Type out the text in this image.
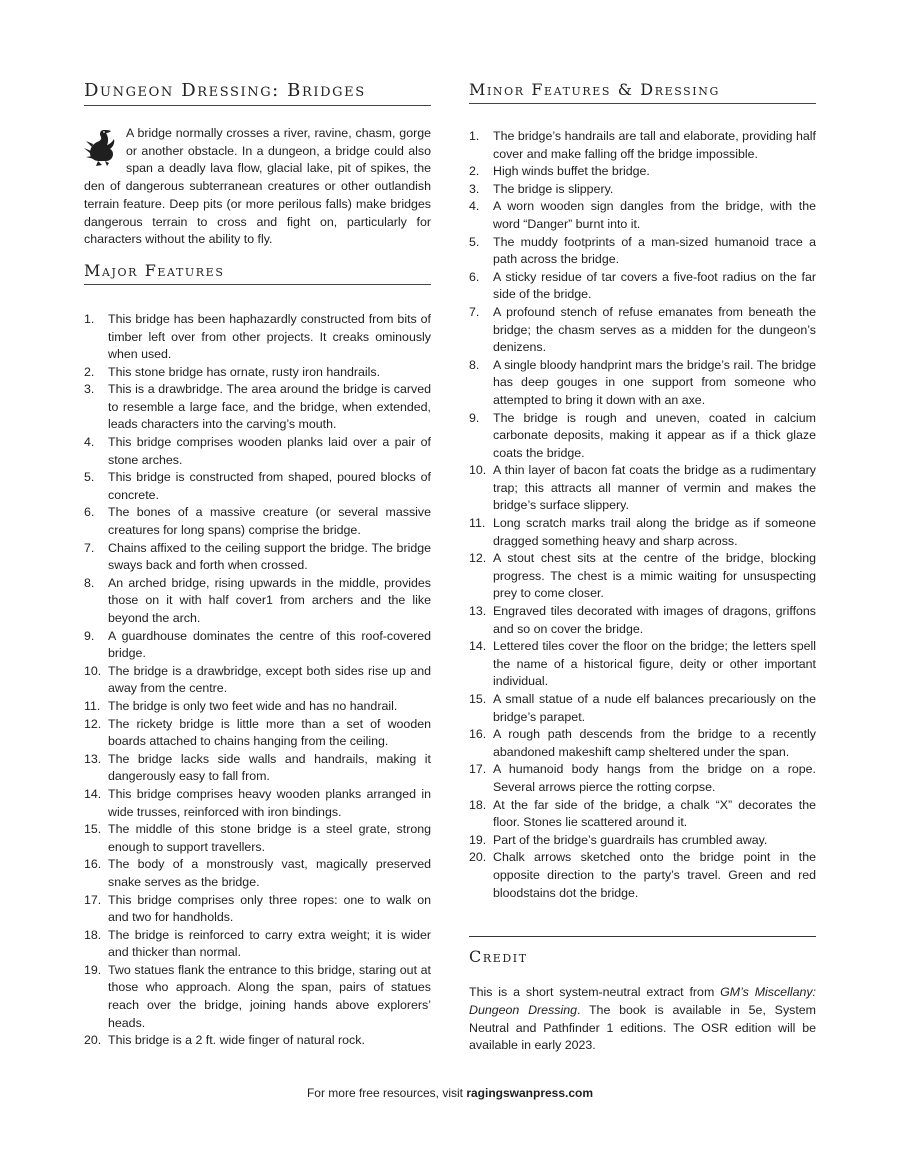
Dungeon Dressing: Bridges

A bridge normally crosses a river, ravine, chasm, gorge or another obstacle. In a dungeon, a bridge could also span a deadly lava flow, glacial lake, pit of spikes, the den of dangerous subterranean creatures or other outlandish terrain feature. Deep pits (or more perilous falls) make bridges dangerous terrain to cross and fight on, particularly for characters without the ability to fly.

Major Features
1. This bridge has been haphazardly constructed from bits of timber left over from other projects. It creaks ominously when used.
2. This stone bridge has ornate, rusty iron handrails.
3. This is a drawbridge. The area around the bridge is carved to resemble a large face, and the bridge, when extended, leads characters into the carving’s mouth.
4. This bridge comprises wooden planks laid over a pair of stone arches.
5. This bridge is constructed from shaped, poured blocks of concrete.
6. The bones of a massive creature (or several massive creatures for long spans) comprise the bridge.
7. Chains affixed to the ceiling support the bridge. The bridge sways back and forth when crossed.
8. An arched bridge, rising upwards in the middle, provides those on it with half cover1 from archers and the like beyond the arch.
9. A guardhouse dominates the centre of this roof-covered bridge.
10. The bridge is a drawbridge, except both sides rise up and away from the centre.
11. The bridge is only two feet wide and has no handrail.
12. The rickety bridge is little more than a set of wooden boards attached to chains hanging from the ceiling.
13. The bridge lacks side walls and handrails, making it dangerously easy to fall from.
14. This bridge comprises heavy wooden planks arranged in wide trusses, reinforced with iron bindings.
15. The middle of this stone bridge is a steel grate, strong enough to support travellers.
16. The body of a monstrously vast, magically preserved snake serves as the bridge.
17. This bridge comprises only three ropes: one to walk on and two for handholds.
18. The bridge is reinforced to carry extra weight; it is wider and thicker than normal.
19. Two statues flank the entrance to this bridge, staring out at those who approach. Along the span, pairs of statues reach over the bridge, joining hands above explorers’ heads.
20. This bridge is a 2 ft. wide finger of natural rock.
Minor Features & Dressing
1. The bridge’s handrails are tall and elaborate, providing half cover and make falling off the bridge impossible.
2. High winds buffet the bridge.
3. The bridge is slippery.
4. A worn wooden sign dangles from the bridge, with the word “Danger” burnt into it.
5. The muddy footprints of a man-sized humanoid trace a path across the bridge.
6. A sticky residue of tar covers a five-foot radius on the far side of the bridge.
7. A profound stench of refuse emanates from beneath the bridge; the chasm serves as a midden for the dungeon’s denizens.
8. A single bloody handprint mars the bridge’s rail. The bridge has deep gouges in one support from someone who attempted to bring it down with an axe.
9. The bridge is rough and uneven, coated in calcium carbonate deposits, making it appear as if a thick glaze coats the bridge.
10. A thin layer of bacon fat coats the bridge as a rudimentary trap; this attracts all manner of vermin and makes the bridge’s surface slippery.
11. Long scratch marks trail along the bridge as if someone dragged something heavy and sharp across.
12. A stout chest sits at the centre of the bridge, blocking progress. The chest is a mimic waiting for unsuspecting prey to come closer.
13. Engraved tiles decorated with images of dragons, griffons and so on cover the bridge.
14. Lettered tiles cover the floor on the bridge; the letters spell the name of a historical figure, deity or other important individual.
15. A small statue of a nude elf balances precariously on the bridge’s parapet.
16. A rough path descends from the bridge to a recently abandoned makeshift camp sheltered under the span.
17. A humanoid body hangs from the bridge on a rope. Several arrows pierce the rotting corpse.
18. At the far side of the bridge, a chalk “X” decorates the floor. Stones lie scattered around it.
19. Part of the bridge’s guardrails has crumbled away.
20. Chalk arrows sketched onto the bridge point in the opposite direction to the party’s travel. Green and red bloodstains dot the bridge.
Credit

This is a short system-neutral extract from GM’s Miscellany: Dungeon Dressing. The book is available in 5e, System Neutral and Pathfinder 1 editions. The OSR edition will be available in early 2023.

For more free resources, visit ragingswanpress.com
